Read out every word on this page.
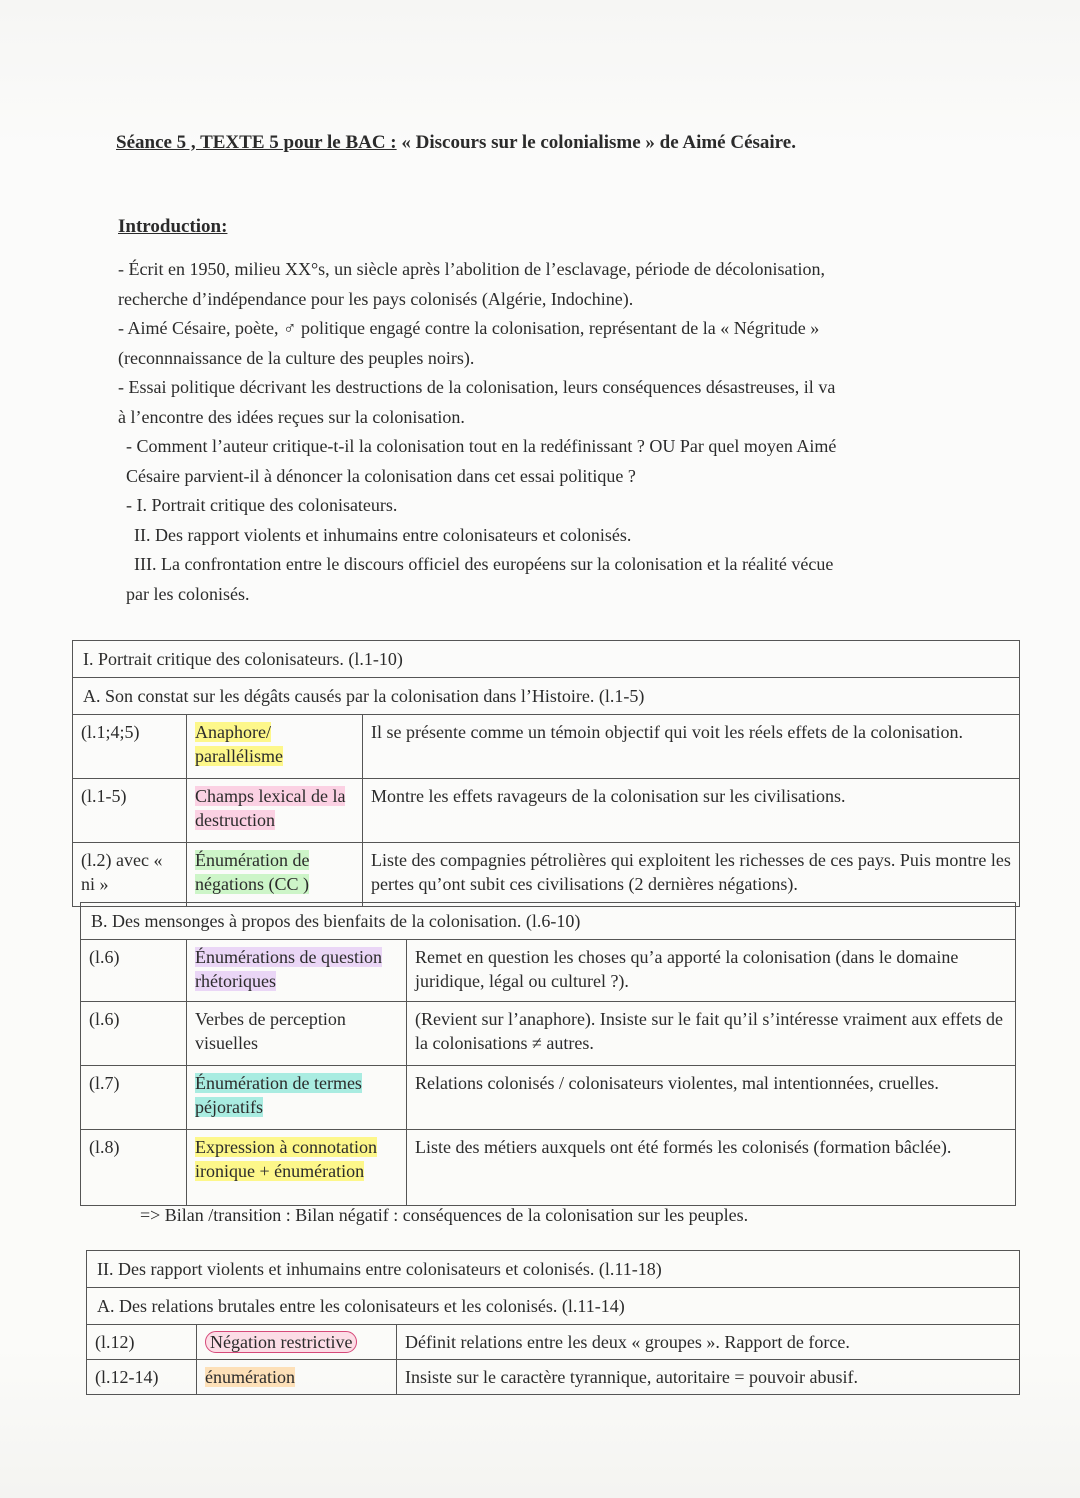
Séance 5 , TEXTE 5 pour le BAC : « Discours sur le colonialisme » de Aimé Césaire.
Introduction:

- Écrit en 1950, milieu XX°s, un siècle après l’abolition de l’esclavage, période de décolonisation,

recherche d’indépendance pour les pays colonisés (Algérie, Indochine).

- Aimé Césaire, poète, ♂ politique engagé contre la colonisation, représentant de la « Négritude »

(reconnnaissance de la culture des peuples noirs).

- Essai politique décrivant les destructions de la colonisation, leurs conséquences désastreuses, il va

à l’encontre des idées reçues sur la colonisation.

- Comment l’auteur critique-t-il la colonisation tout en la redéfinissant ? OU Par quel moyen Aimé

Césaire parvient-il à dénoncer la colonisation dans cet essai politique ?

- I. Portrait critique des colonisateurs.

II. Des rapport violents et inhumains entre colonisateurs et colonisés.

III. La confrontation entre le discours officiel des européens sur la colonisation et la réalité vécue

par les colonisés.

I. Portrait critique des colonisateurs. (l.1-10)		
A. Son constat sur les dégâts causés par la colonisation dans l’Histoire. (l.1-5)		
(l.1;4;5)	Anaphore/ parallélisme	Il se présente comme un témoin objectif qui voit les réels effets de la colonisation.
(l.1-5)	Champs lexical de la destruction	Montre les effets ravageurs de la colonisation sur les civilisations.
(l.2) avec « ni »	Énumération de négations (CC )	Liste des compagnies pétrolières qui exploitent les richesses de ces pays. Puis montre les pertes qu’ont subit ces civilisations (2 dernières négations).
B. Des mensonges à propos des bienfaits de la colonisation. (l.6-10)		
(l.6)	Énumérations de question rhétoriques	Remet en question les choses qu’a apporté la colonisation (dans le domaine juridique, légal ou culturel ?).
(l.6)	Verbes de perception visuelles	(Revient sur l’anaphore). Insiste sur le fait qu’il s’intéresse vraiment aux effets de la colonisations ≠ autres.
(l.7)	Énumération de termes péjoratifs	Relations colonisés / colonisateurs violentes, mal intentionnées, cruelles.
(l.8)	Expression à connotation ironique + énumération	Liste des métiers auxquels ont été formés les colonisés (formation bâclée).
=> Bilan /transition : Bilan négatif : conséquences de la colonisation sur les peuples.
II. Des rapport violents et inhumains entre colonisateurs et colonisés. (l.11-18)		
A. Des relations brutales entre les colonisateurs et les colonisés. (l.11-14)		
(l.12)	Négation restrictive	Définit relations entre les deux « groupes ». Rapport de force.
(l.12-14)	énumération	Insiste sur le caractère tyrannique, autoritaire = pouvoir abusif.
